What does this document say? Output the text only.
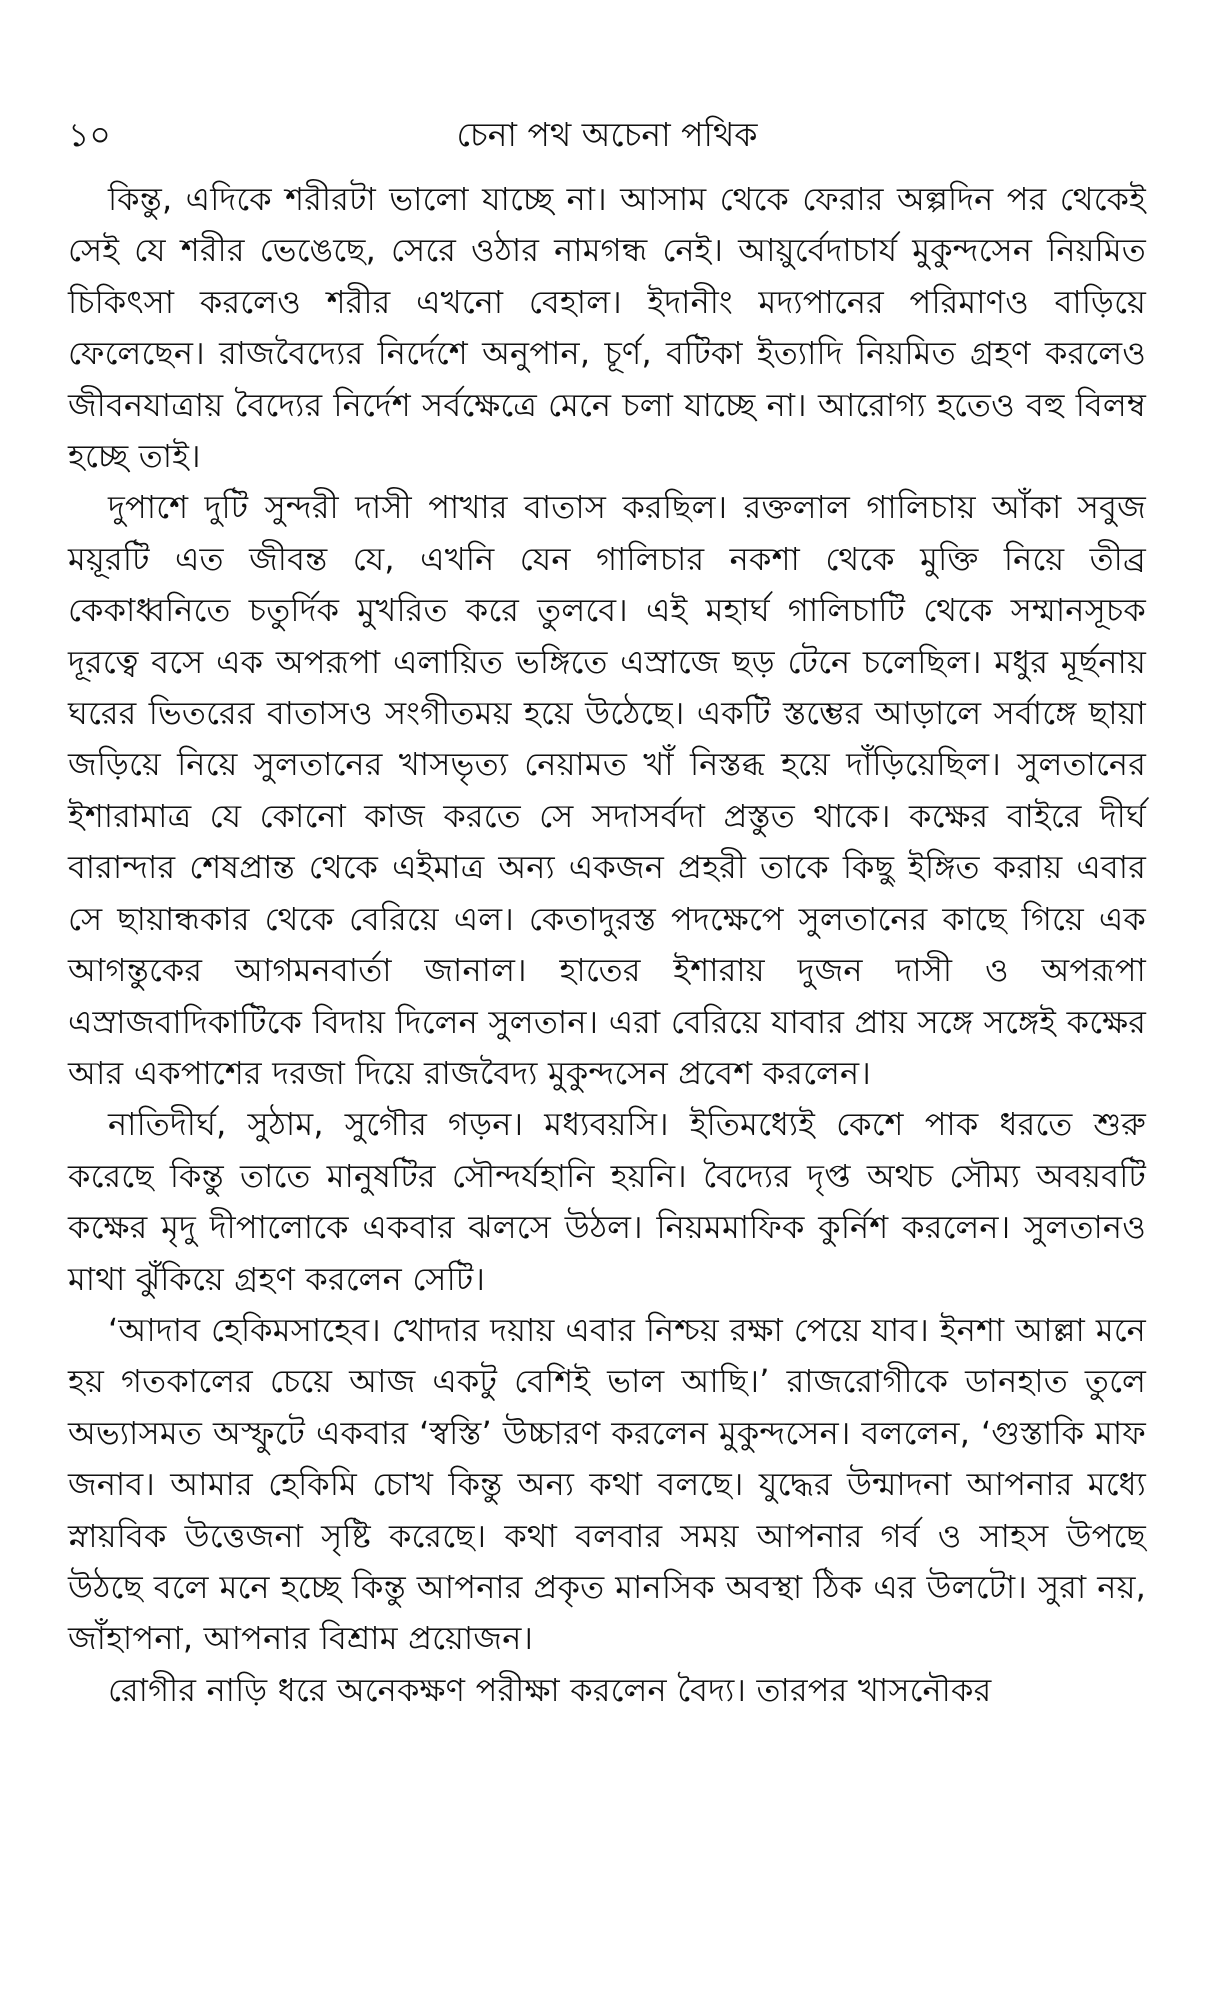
১০	চেনা পথ অচেনা পথিক

কিন্তু, এদিকে শরীরটা ভালো যাচ্ছে না। আসাম থেকে ফেরার অল্পদিন পর থেকেই সেই যে শরীর ভেঙেছে, সেরে ওঠার নামগন্ধ নেই। আয়ুর্বেদাচার্য মুকুন্দসেন নিয়মিত চিকিৎসা করলেও শরীর এখনো বেহাল। ইদানীং মদ্যপানের পরিমাণও বাড়িয়ে ফেলেছেন। রাজবৈদ্যের নির্দেশে অনুপান, চূর্ণ, বটিকা ইত্যাদি নিয়মিত গ্রহণ করলেও জীবনযাত্রায় বৈদ্যের নির্দেশ সর্বক্ষেত্রে মেনে চলা যাচ্ছে না। আরোগ্য হতেও বহু বিলম্ব হচ্ছে তাই।

দুপাশে দুটি সুন্দরী দাসী পাখার বাতাস করছিল। রক্তলাল গালিচায় আঁকা সবুজ ময়ূরটি এত জীবন্ত যে, এখনি যেন গালিচার নকশা থেকে মুক্তি নিয়ে তীব্র কেকাধ্বনিতে চতুর্দিক মুখরিত করে তুলবে। এই মহার্ঘ গালিচাটি থেকে সম্মানসূচক দূরত্বে বসে এক অপরূপা এলায়িত ভঙ্গিতে এস্রাজে ছড় টেনে চলেছিল। মধুর মূর্ছনায় ঘরের ভিতরের বাতাসও সংগীতময় হয়ে উঠেছে। একটি স্তম্ভের আড়ালে সর্বাঙ্গে ছায়া জড়িয়ে নিয়ে সুলতানের খাসভৃত্য নেয়ামত খাঁ নিস্তব্ধ হয়ে দাঁড়িয়েছিল। সুলতানের ইশারামাত্র যে কোনো কাজ করতে সে সদাসর্বদা প্রস্তুত থাকে। কক্ষের বাইরে দীর্ঘ বারান্দার শেষপ্রান্ত থেকে এইমাত্র অন্য একজন প্রহরী তাকে কিছু ইঙ্গিত করায় এবার সে ছায়ান্ধকার থেকে বেরিয়ে এল। কেতাদুরস্ত পদক্ষেপে সুলতানের কাছে গিয়ে এক আগন্তুকের আগমনবার্তা জানাল। হাতের ইশারায় দুজন দাসী ও অপরূপা এস্রাজবাদিকাটিকে বিদায় দিলেন সুলতান। এরা বেরিয়ে যাবার প্রায় সঙ্গে সঙ্গেই কক্ষের আর একপাশের দরজা দিয়ে রাজবৈদ্য মুকুন্দসেন প্রবেশ করলেন।

নাতিদীর্ঘ, সুঠাম, সুগৌর গড়ন। মধ্যবয়সি। ইতিমধ্যেই কেশে পাক ধরতে শুরু করেছে কিন্তু তাতে মানুষটির সৌন্দর্যহানি হয়নি। বৈদ্যের দৃপ্ত অথচ সৌম্য অবয়বটি কক্ষের মৃদু দীপালোকে একবার ঝলসে উঠল। নিয়মমাফিক কুর্নিশ করলেন। সুলতানও মাথা ঝুঁকিয়ে গ্রহণ করলেন সেটি।

‘আদাব হেকিমসাহেব। খোদার দয়ায় এবার নিশ্চয় রক্ষা পেয়ে যাব। ইনশা আল্লা মনে হয় গতকালের চেয়ে আজ একটু বেশিই ভাল আছি।’ রাজরোগীকে ডানহাত তুলে অভ্যাসমত অস্ফুটে একবার ‘স্বস্তি’ উচ্চারণ করলেন মুকুন্দসেন। বললেন, ‘গুস্তাকি মাফ জনাব। আমার হেকিমি চোখ কিন্তু অন্য কথা বলছে। যুদ্ধের উন্মাদনা আপনার মধ্যে স্নায়বিক উত্তেজনা সৃষ্টি করেছে। কথা বলবার সময় আপনার গর্ব ও সাহস উপছে উঠছে বলে মনে হচ্ছে কিন্তু আপনার প্রকৃত মানসিক অবস্থা ঠিক এর উলটো। সুরা নয়, জাঁহাপনা, আপনার বিশ্রাম প্রয়োজন।

রোগীর নাড়ি ধরে অনেকক্ষণ পরীক্ষা করলেন বৈদ্য। তারপর খাসনৌকর
